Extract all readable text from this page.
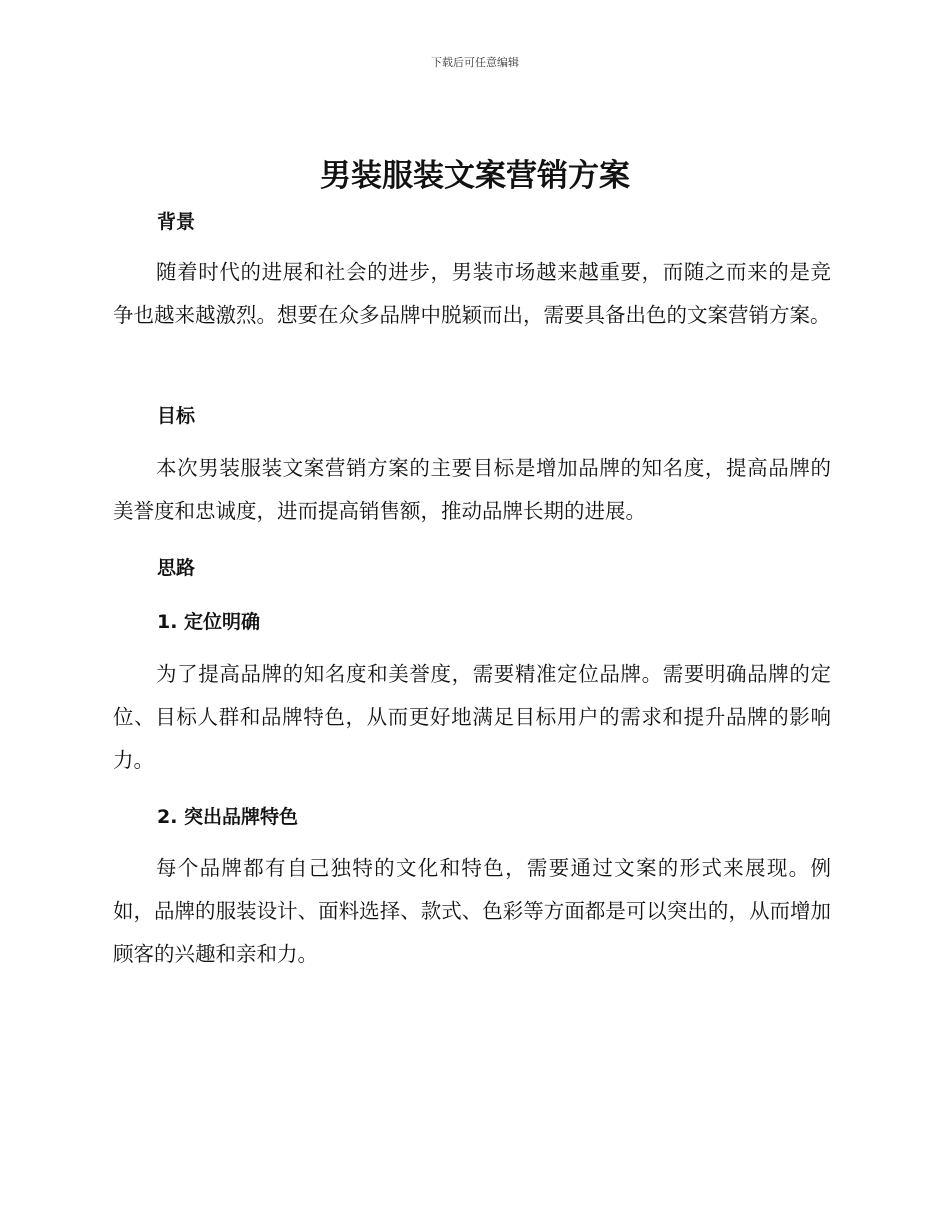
下载后可任意编辑
男装服装文案营销方案
背景

随着时代的进展和社会的进步，男装市场越来越重要，而随之而来的是竞争也越来越激烈。想要在众多品牌中脱颖而出，需要具备出色的文案营销方案。

目标

本次男装服装文案营销方案的主要目标是增加品牌的知名度，提高品牌的美誉度和忠诚度，进而提高销售额，推动品牌长期的进展。

思路
1. 定位明确

为了提高品牌的知名度和美誉度，需要精准定位品牌。需要明确品牌的定位、目标人群和品牌特色，从而更好地满足目标用户的需求和提升品牌的影响力。

2. 突出品牌特色

每个品牌都有自己独特的文化和特色，需要通过文案的形式来展现。例如，品牌的服装设计、面料选择、款式、色彩等方面都是可以突出的，从而增加顾客的兴趣和亲和力。
